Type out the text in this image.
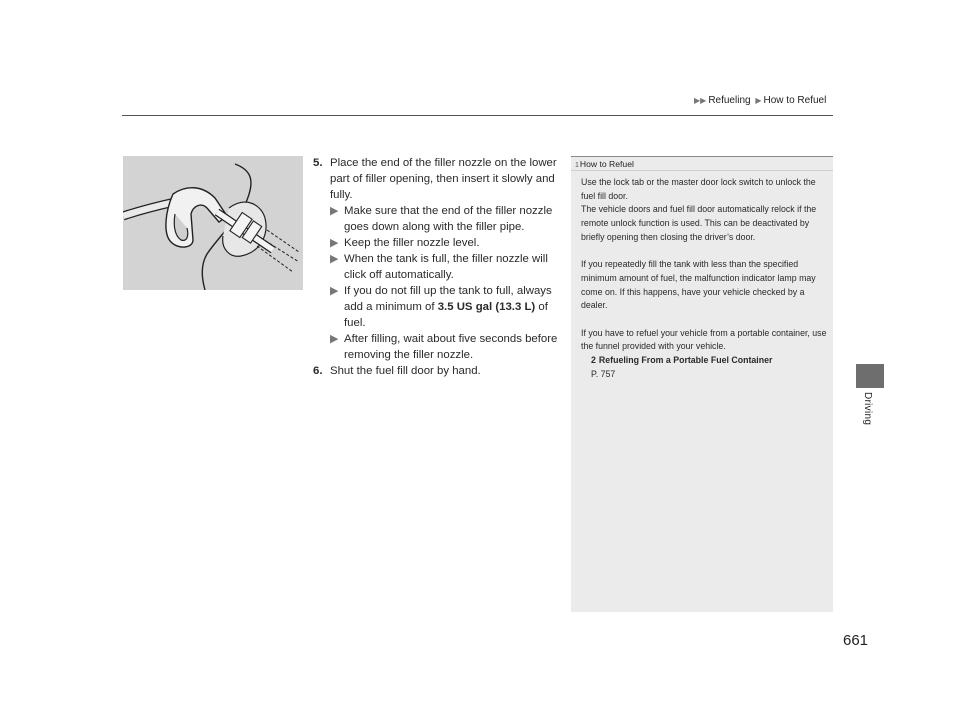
▶▶ Refueling ▶ How to Refuel
Driving
5. Place the end of the filler nozzle on the lower part of filler opening, then insert it slowly and fully.
▶ Make sure that the end of the filler nozzle goes down along with the filler pipe.
▶ Keep the filler nozzle level.
▶ When the tank is full, the filler nozzle will click off automatically.
▶ If you do not fill up the tank to full, always add a minimum of 3.5 US gal (13.3 L) of fuel.
▶ After filling, wait about five seconds before removing the filler nozzle.
6. Shut the fuel fill door by hand.
1How to Refuel

Use the lock tab or the master door lock switch to unlock the fuel fill door.

The vehicle doors and fuel fill door automatically relock if the remote unlock function is used. This can be deactivated by briefly opening then closing the driver’s door.

If you repeatedly fill the tank with less than the specified minimum amount of fuel, the malfunction indicator lamp may come on. If this happens, have your vehicle checked by a dealer.

If you have to refuel your vehicle from a portable container, use the funnel provided with your vehicle.

2 Refueling From a Portable Fuel Container
P. 757
661
